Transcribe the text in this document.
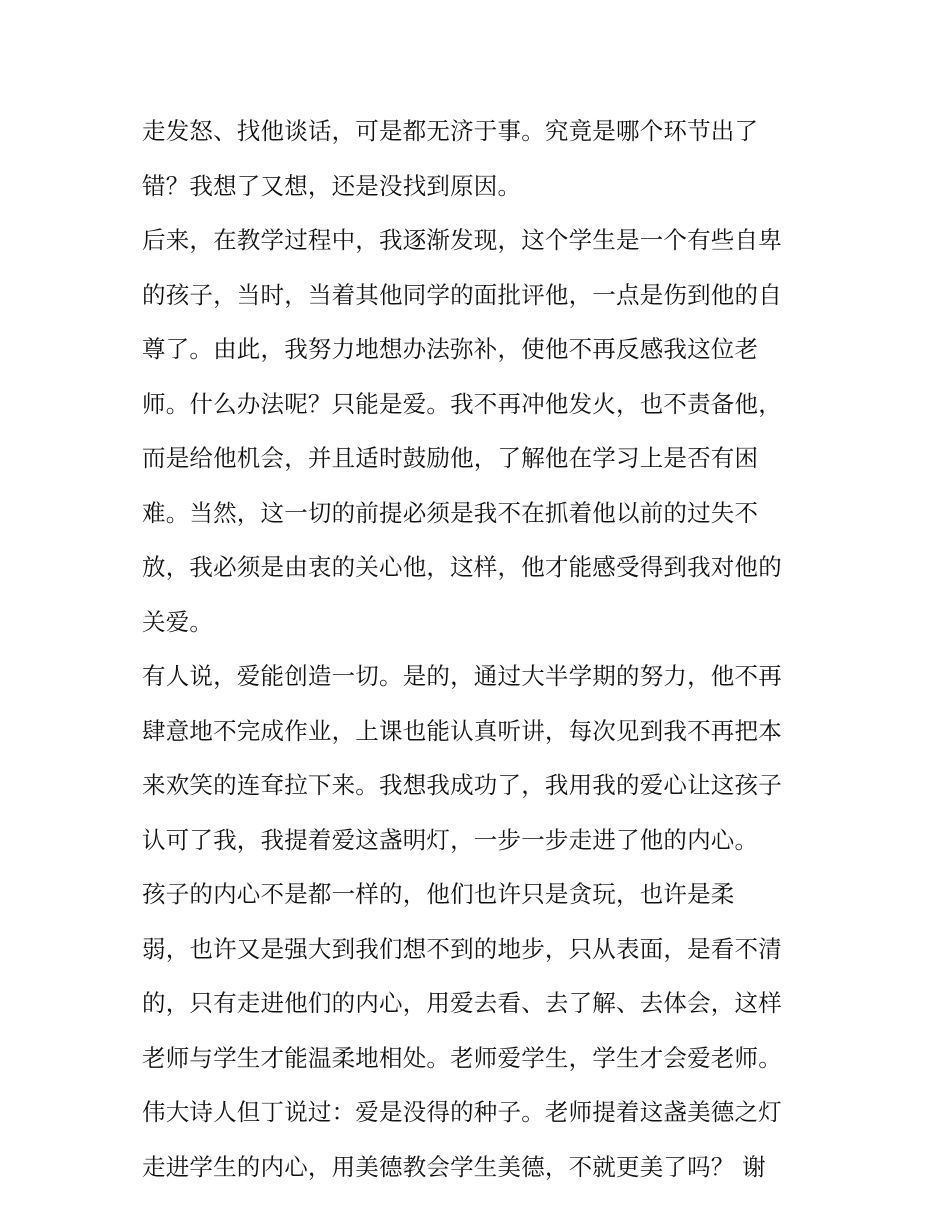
走发怒、找他谈话，可是都无济于事。究竟是哪个环节出了
错？我想了又想，还是没找到原因。
后来，在教学过程中，我逐渐发现，这个学生是一个有些自卑
的孩子，当时，当着其他同学的面批评他，一点是伤到他的自
尊了。由此，我努力地想办法弥补，使他不再反感我这位老
师。什么办法呢？只能是爱。我不再冲他发火，也不责备他，
而是给他机会，并且适时鼓励他，了解他在学习上是否有困
难。当然，这一切的前提必须是我不在抓着他以前的过失不
放，我必须是由衷的关心他，这样，他才能感受得到我对他的
关爱。
有人说，爱能创造一切。是的，通过大半学期的努力，他不再
肆意地不完成作业，上课也能认真听讲，每次见到我不再把本
来欢笑的连耷拉下来。我想我成功了，我用我的爱心让这孩子
认可了我，我提着爱这盏明灯，一步一步走进了他的内心。
孩子的内心不是都一样的，他们也许只是贪玩，也许是柔
弱，也许又是强大到我们想不到的地步，只从表面，是看不清
的，只有走进他们的内心，用爱去看、去了解、去体会，这样
老师与学生才能温柔地相处。老师爱学生，学生才会爱老师。
伟大诗人但丁说过：爱是没得的种子。老师提着这盏美德之灯
走进学生的内心，用美德教会学生美德，不就更美了吗？ 谢
